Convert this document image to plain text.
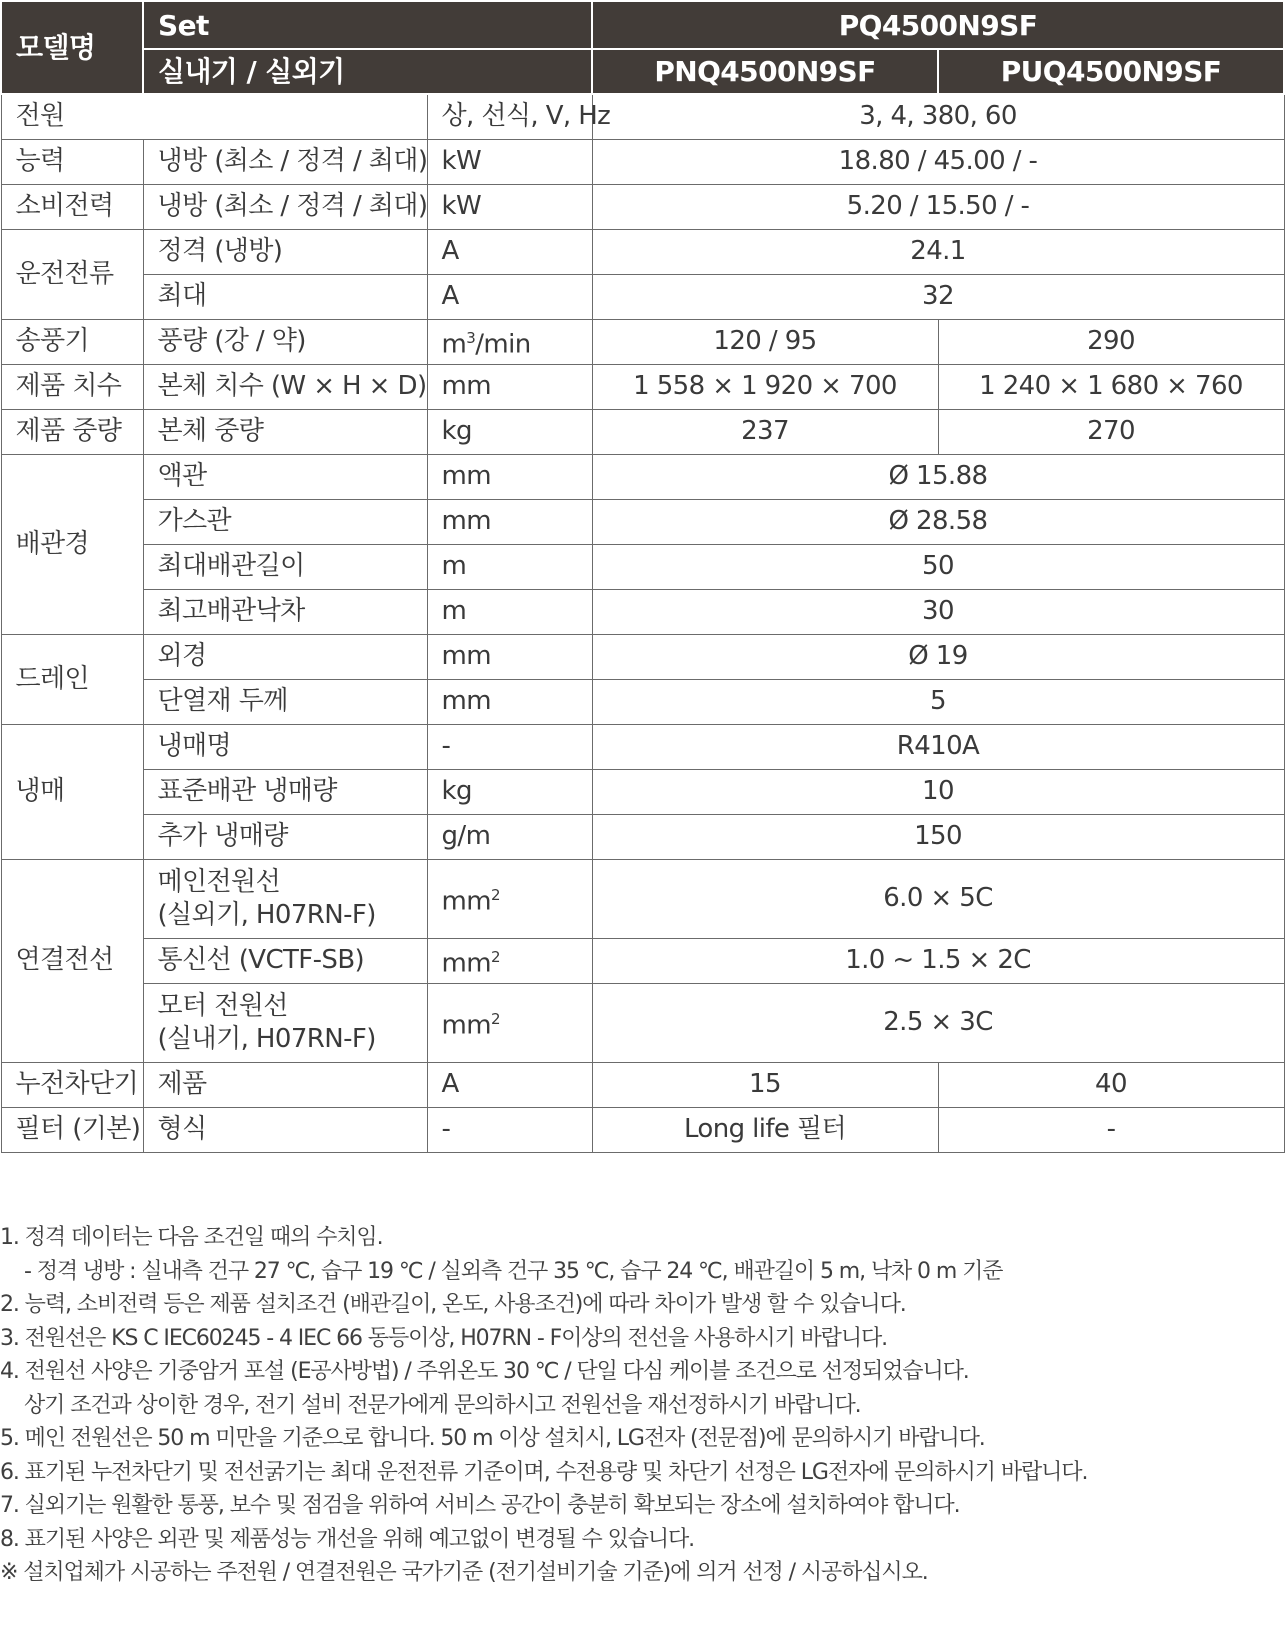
모델명	Set		PQ4500N9SF	
	실내기 / 실외기		PNQ4500N9SF	PUQ4500N9SF
전원		상, 선식, V, Hz	3, 4, 380, 60	
능력	냉방 (최소 / 정격 / 최대)	kW	18.80 / 45.00 / -	
소비전력	냉방 (최소 / 정격 / 최대)	kW	5.20 / 15.50 / -	
운전전류	정격 (냉방)	A	24.1	
	최대	A	32	
송풍기	풍량 (강 / 약)	$m^3/\min$	120 / 95	290
제품 치수	본체 치수 (W × H × D)	mm	1 558 × 1 920 × 700	1 240 × 1 680 × 760
제품 중량	본체 중량	kg	237	270
배관경	액관	mm	Ø 15.88	
	가스관	mm	Ø 28.58	
	최대배관길이	m	50	
	최고배관낙차	m	30	
드레인	외경	mm	Ø 19	
	단열재 두께	mm	5	
냉매	냉매명	-	R410A	
	표준배관 냉매량	kg	10	
	추가 냉매량	g/m	150	
연결전선	메인전원선
(실외기, H07RN-F)	$mm^2$	6.0 × 5C	
	통신선 (VCTF-SB)	$mm^2$	1.0 ~ 1.5 × 2C	

	모터 전원선
(실내기, H07RN-F)	$mm^2$	2.5 × 3C	
누전차단기	제품	A	15	40
필터 (기본)	형식	-	Long life 필터	-
1. 정격 데이터는 다음 조건일 때의 수치임.
- 정격 냉방 : 실내측 건구 27 ℃, 습구 19 ℃ / 실외측 건구 35 ℃, 습구 24 ℃, 배관길이 5 m, 낙차 0 m 기준
2. 능력, 소비전력 등은 제품 설치조건 (배관길이, 온도, 사용조건)에 따라 차이가 발생 할 수 있습니다.
3. 전원선은 KS C IEC60245 - 4 IEC 66 동등이상, H07RN - F이상의 전선을 사용하시기 바랍니다.
4. 전원선 사양은 기중암거 포설 (E공사방법) / 주위온도 30 ℃ / 단일 다심 케이블 조건으로 선정되었습니다.
상기 조건과 상이한 경우, 전기 설비 전문가에게 문의하시고 전원선을 재선정하시기 바랍니다.
5. 메인 전원선은 50 m 미만을 기준으로 합니다. 50 m 이상 설치시, LG전자 (전문점)에 문의하시기 바랍니다.
6. 표기된 누전차단기 및 전선굵기는 최대 운전전류 기준이며, 수전용량 및 차단기 선정은 LG전자에 문의하시기 바랍니다.
7. 실외기는 원활한 통풍, 보수 및 점검을 위하여 서비스 공간이 충분히 확보되는 장소에 설치하여야 합니다.
8. 표기된 사양은 외관 및 제품성능 개선을 위해 예고없이 변경될 수 있습니다.
※ 설치업체가 시공하는 주전원 / 연결전원은 국가기준 (전기설비기술 기준)에 의거 선정 / 시공하십시오.
